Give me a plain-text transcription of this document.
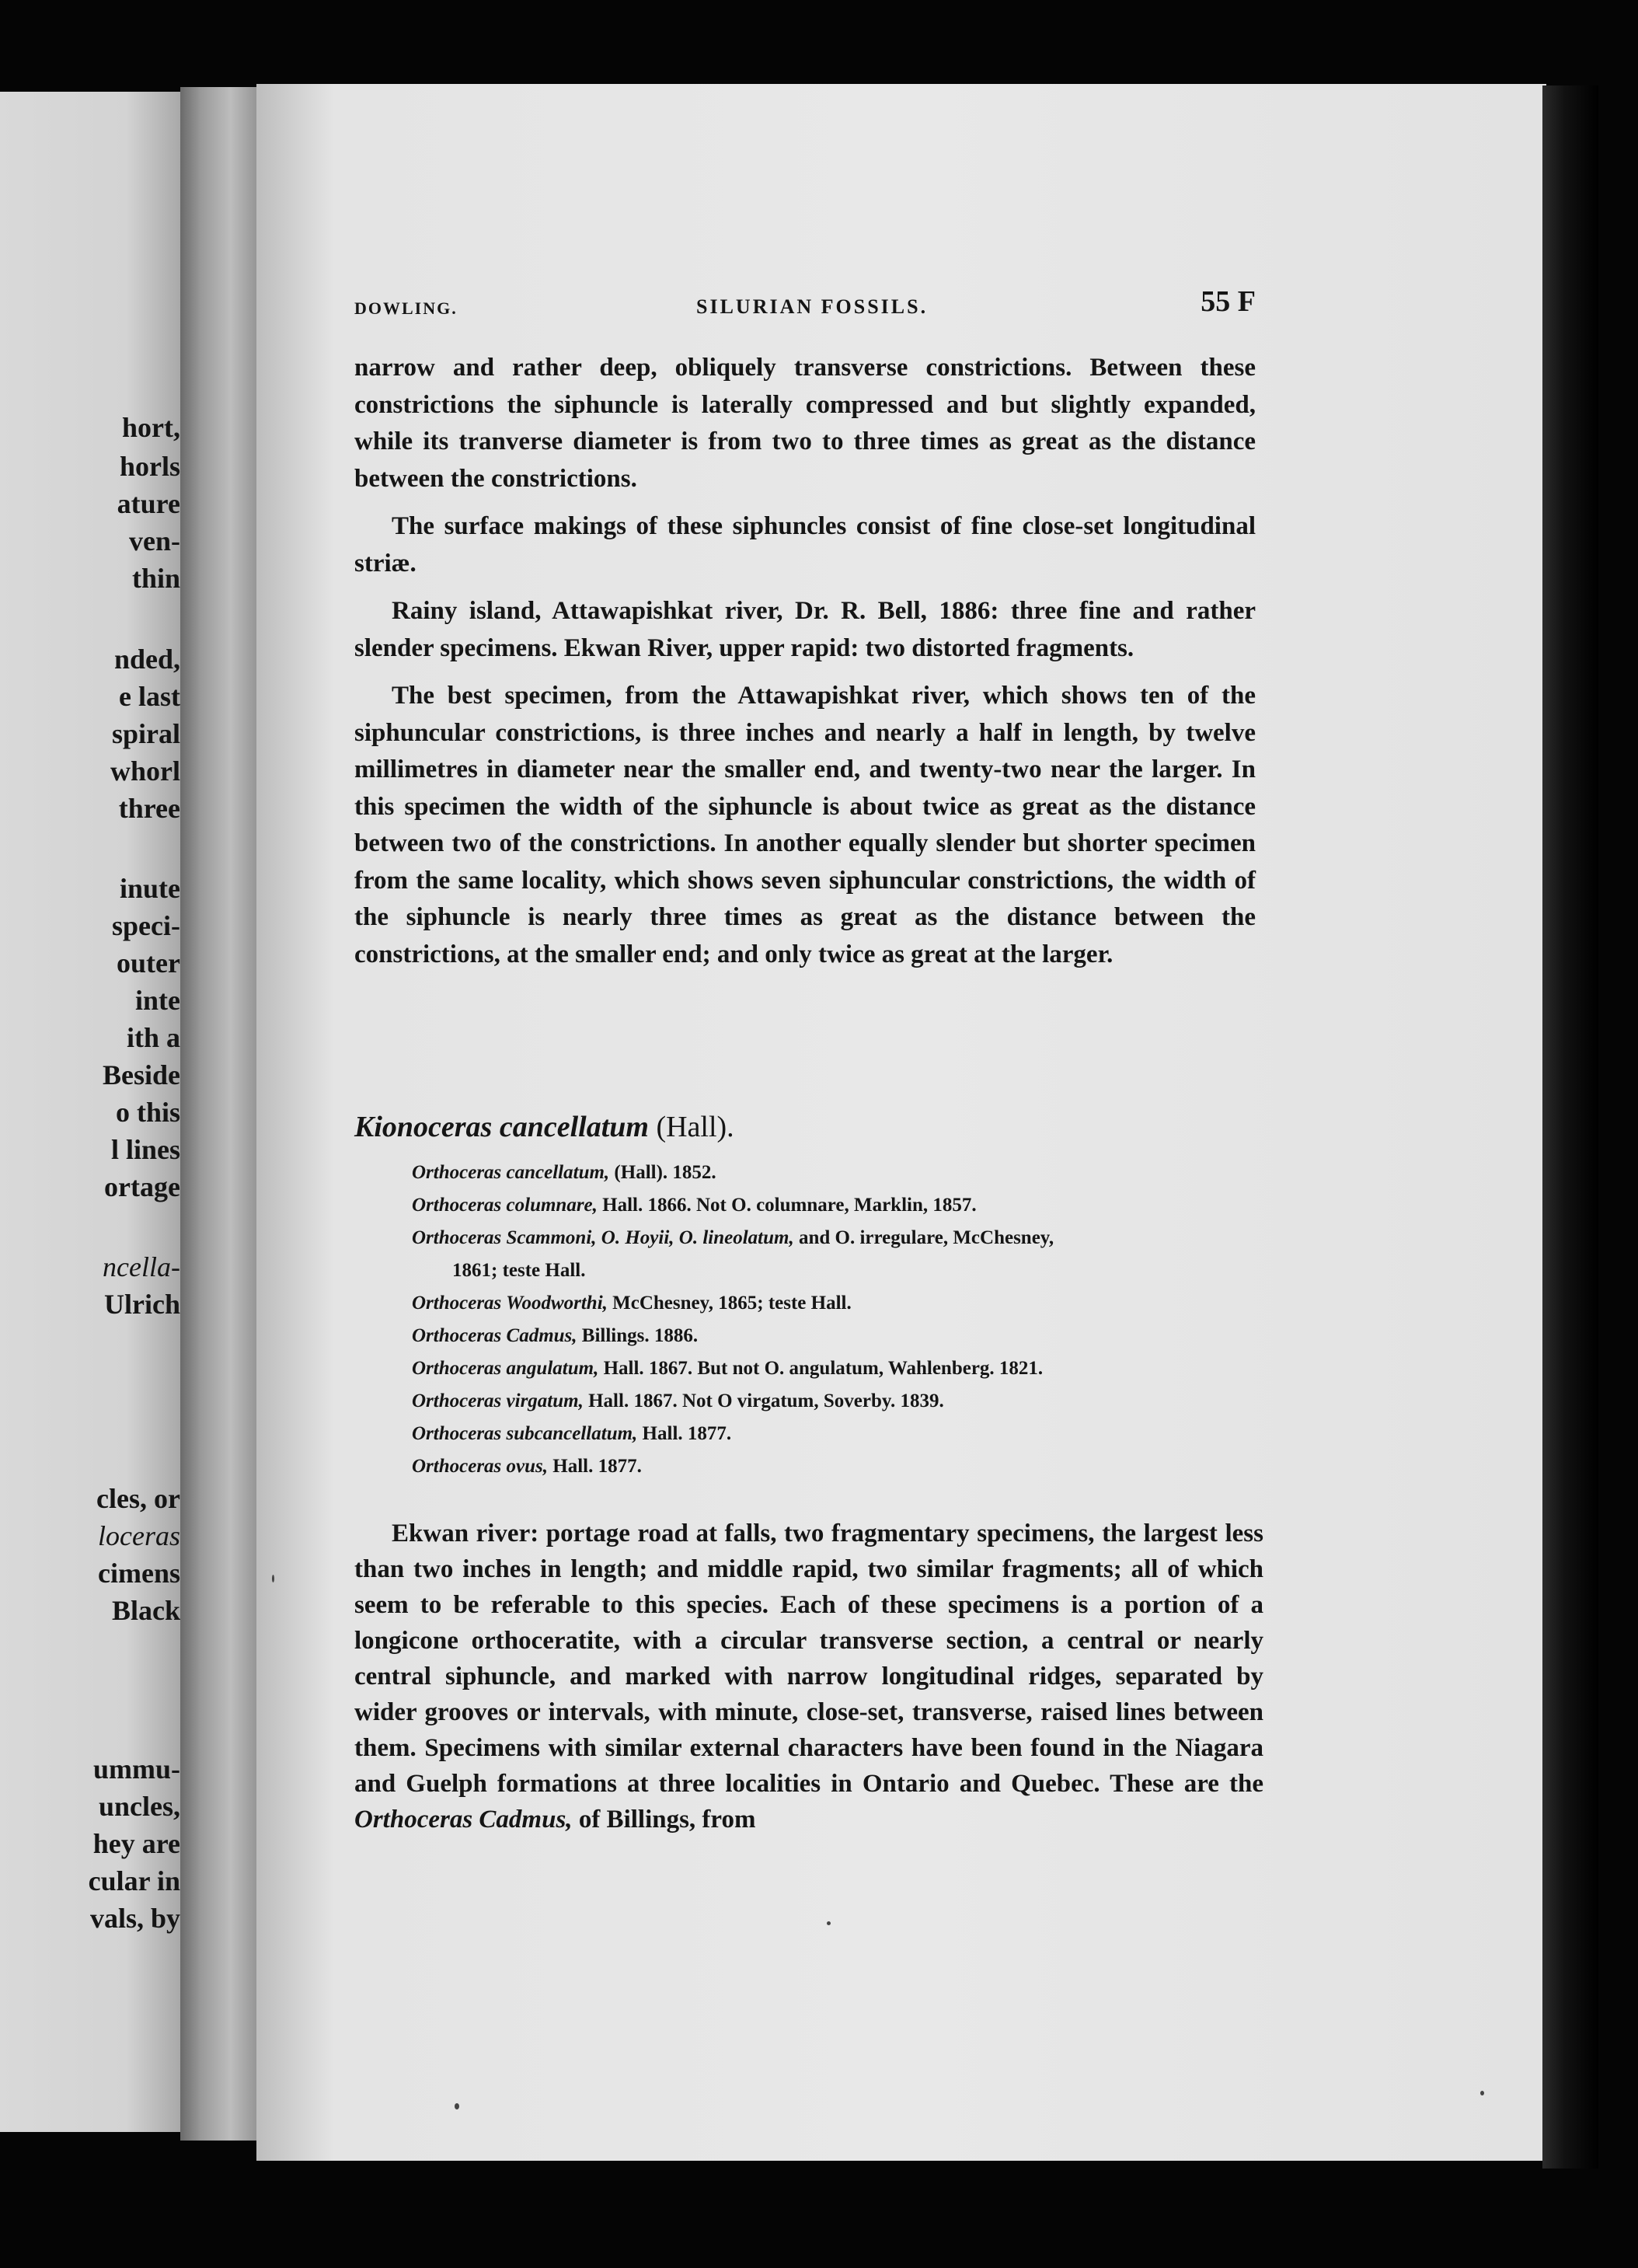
hort,
horls
ature
ven-
thin
nded,
e last
spiral
whorl
three
inute
speci-
outer
inte
ith a
Beside
o this
l lines
ortage
ncella-
Ulrich
cles, or
loceras
cimens
Black
ummu-
uncles,
hey are
cular in
vals, by
DOWLING.	SILURIAN FOSSILS.	55 F

narrow and rather deep, obliquely transverse constrictions. Between these constrictions the siphuncle is laterally compressed and but slightly expanded, while its tranverse diameter is from two to three times as great as the distance between the constrictions.

The surface makings of these siphuncles consist of fine close-set longitudinal striæ.

Rainy island, Attawapishkat river, Dr. R. Bell, 1886: three fine and rather slender specimens. Ekwan River, upper rapid: two distorted fragments.

The best specimen, from the Attawapishkat river, which shows ten of the siphuncular constrictions, is three inches and nearly a half in length, by twelve millimetres in diameter near the smaller end, and twenty-two near the larger. In this specimen the width of the siphuncle is about twice as great as the distance between two of the constrictions. In another equally slender but shorter specimen from the same locality, which shows seven siphuncular constrictions, the width of the siphuncle is nearly three times as great as the distance between the constrictions, at the smaller end; and only twice as great at the larger.

Kionoceras cancellatum (Hall).
Orthoceras cancellatum, (Hall). 1852.
Orthoceras columnare, Hall. 1866. Not O. columnare, Marklin, 1857.
Orthoceras Scammoni, O. Hoyii, O. lineolatum, and O. irregulare, McChesney,
1861; teste Hall.
Orthoceras Woodworthi, McChesney, 1865; teste Hall.
Orthoceras Cadmus, Billings. 1886.
Orthoceras angulatum, Hall. 1867. But not O. angulatum, Wahlenberg. 1821.
Orthoceras virgatum, Hall. 1867. Not O virgatum, Soverby. 1839.
Orthoceras subcancellatum, Hall. 1877.
Orthoceras ovus, Hall. 1877.
Ekwan river: portage road at falls, two fragmentary specimens, the largest less than two inches in length; and middle rapid, two similar fragments; all of which seem to be referable to this species. Each of these specimens is a portion of a longicone orthoceratite, with a circular transverse section, a central or nearly central siphuncle, and marked with narrow longitudinal ridges, separated by wider grooves or intervals, with minute, close-set, transverse, raised lines between them. Specimens with similar external characters have been found in the Niagara and Guelph formations at three localities in Ontario and Quebec. These are the Orthoceras Cadmus, of Billings, from
